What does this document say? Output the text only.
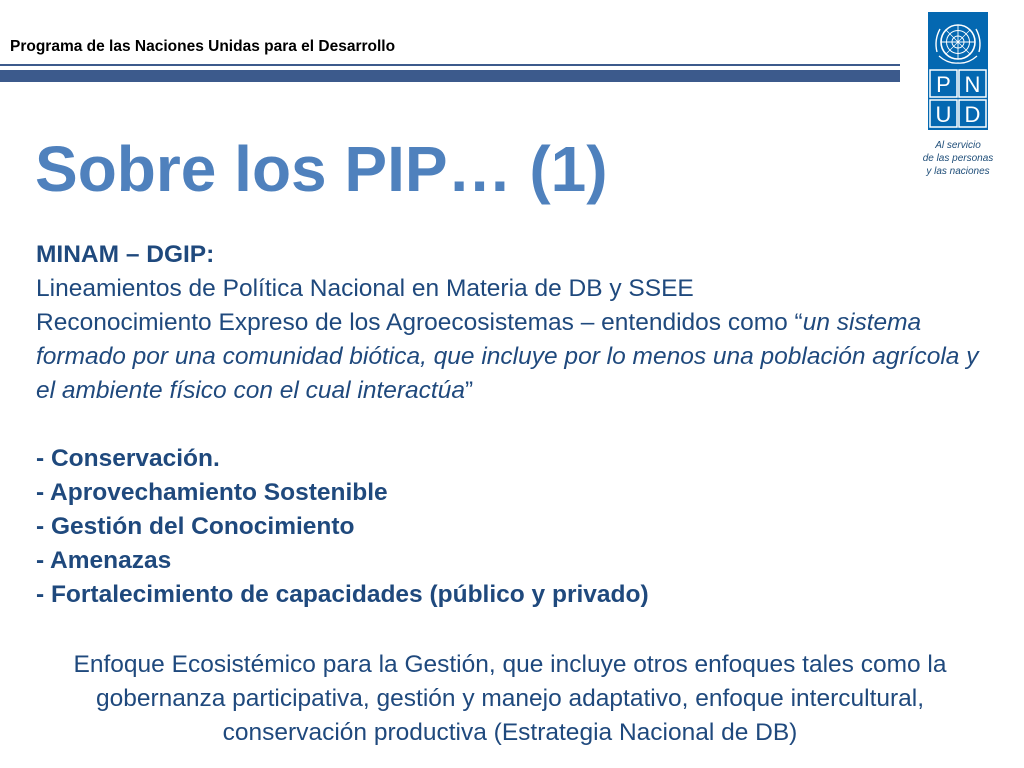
Programa de las Naciones Unidas para el Desarrollo
P N
U D
Al servicio
de las personas
y las naciones
Sobre los PIP… (1)
MINAM – DGIP:
Lineamientos de Política Nacional en Materia de DB y SSEE
Reconocimiento Expreso de los Agroecosistemas – entendidos como “un sistema formado por una comunidad biótica, que incluye por lo menos una población agrícola y el ambiente físico con el cual interactúa”
- Conservación.
- Aprovechamiento Sostenible
- Gestión del Conocimiento
- Amenazas
- Fortalecimiento de capacidades (público y privado)
Enfoque Ecosistémico para la Gestión, que incluye otros enfoques tales como la gobernanza participativa, gestión y manejo adaptativo, enfoque intercultural, conservación productiva (Estrategia Nacional de DB)
